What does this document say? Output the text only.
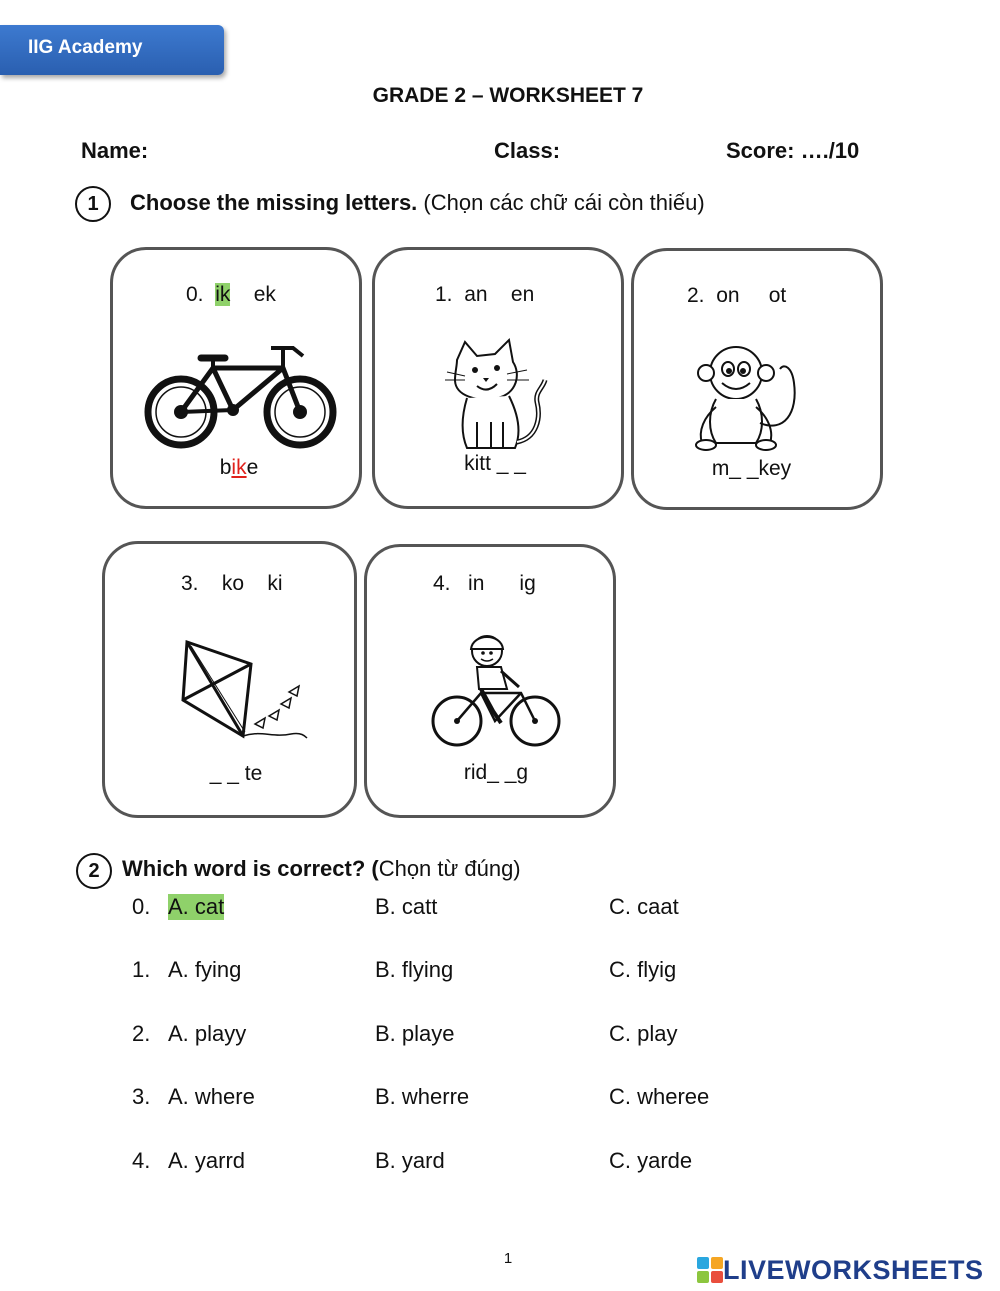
IIG Academy
GRADE 2 – WORKSHEET 7
Name:	Class:	Score: …./10
1	Choose the missing letters. (Chọn các chữ cái còn thiếu)
0. ik ek
bike
1. an en
kitt _ _
2. on ot
m_ _key
3. ko ki
_ _ te
4. in ig
rid_ _g
2	Which word is correct? (Chọn từ đúng)
0. A. cat	B. catt	C. caat
1. A. fying	B. flying	C. flyig
2. A. playy	B. playe	C. play
3. A. where	B. wherre	C. wheree
4. A. yarrd	B. yard	C. yarde
1	LIVEWORKSHEETS
